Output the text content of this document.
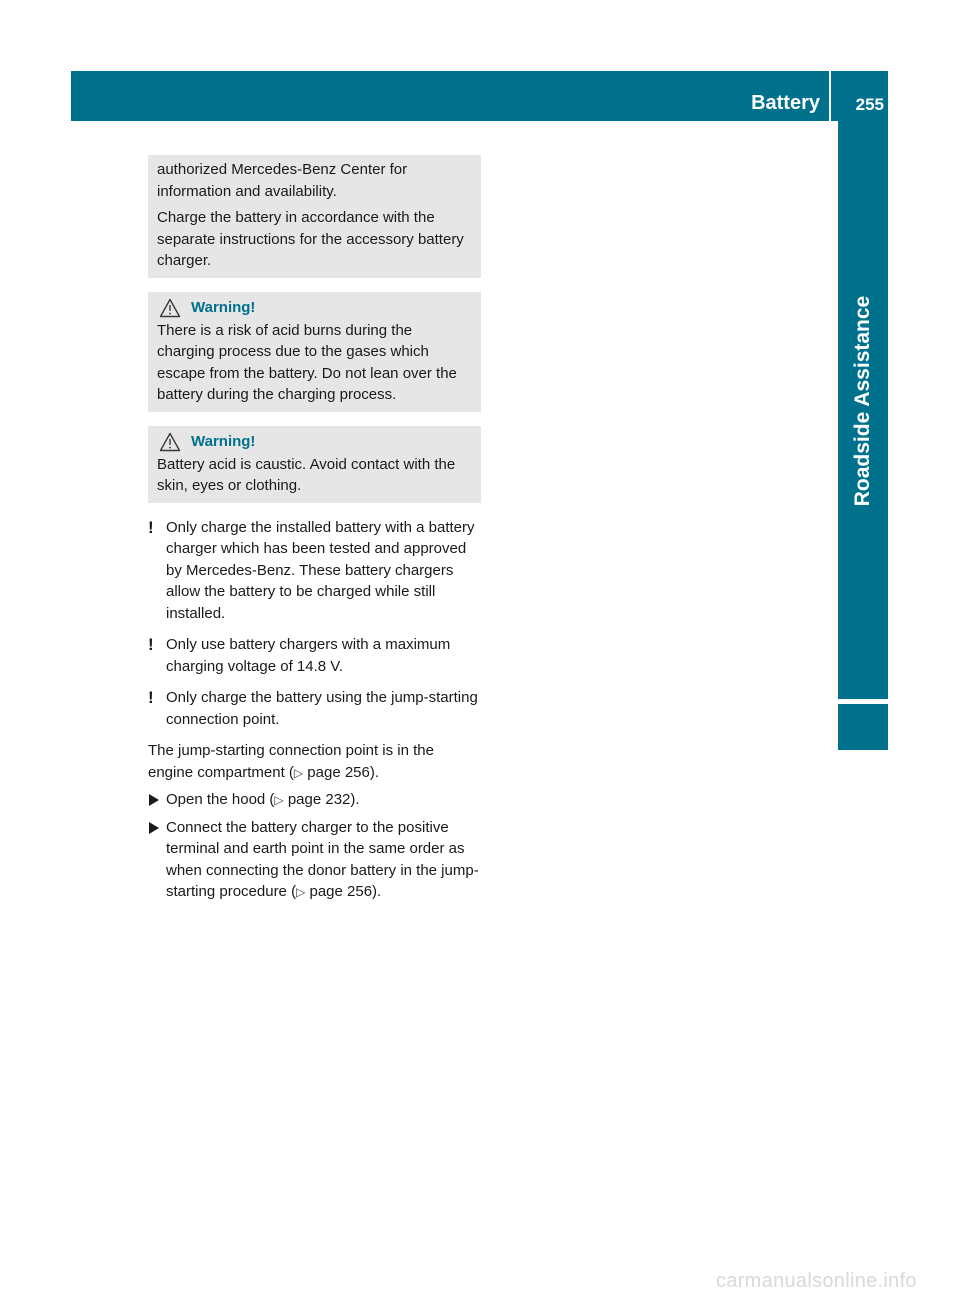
Battery 255
Roadside Assistance

authorized Mercedes-Benz Center for information and availability.

Charge the battery in accordance with the separate instructions for the accessory battery charger.

Warning!

There is a risk of acid burns during the charging process due to the gases which escape from the battery. Do not lean over the battery during the charging process.

Warning!

Battery acid is caustic. Avoid contact with the skin, eyes or clothing.

! Only charge the installed battery with a battery charger which has been tested and approved by Mercedes-Benz. These battery chargers allow the battery to be charged while still installed.
! Only use battery chargers with a maximum charging voltage of 14.8 V.
! Only charge the battery using the jump-starting connection point.

The jump-starting connection point is in the engine compartment (▷ page 256).

Open the hood (▷ page 232).
Connect the battery charger to the positive terminal and earth point in the same order as when connecting the donor battery in the jump-starting procedure (▷ page 256).
carmanualsonline.info
